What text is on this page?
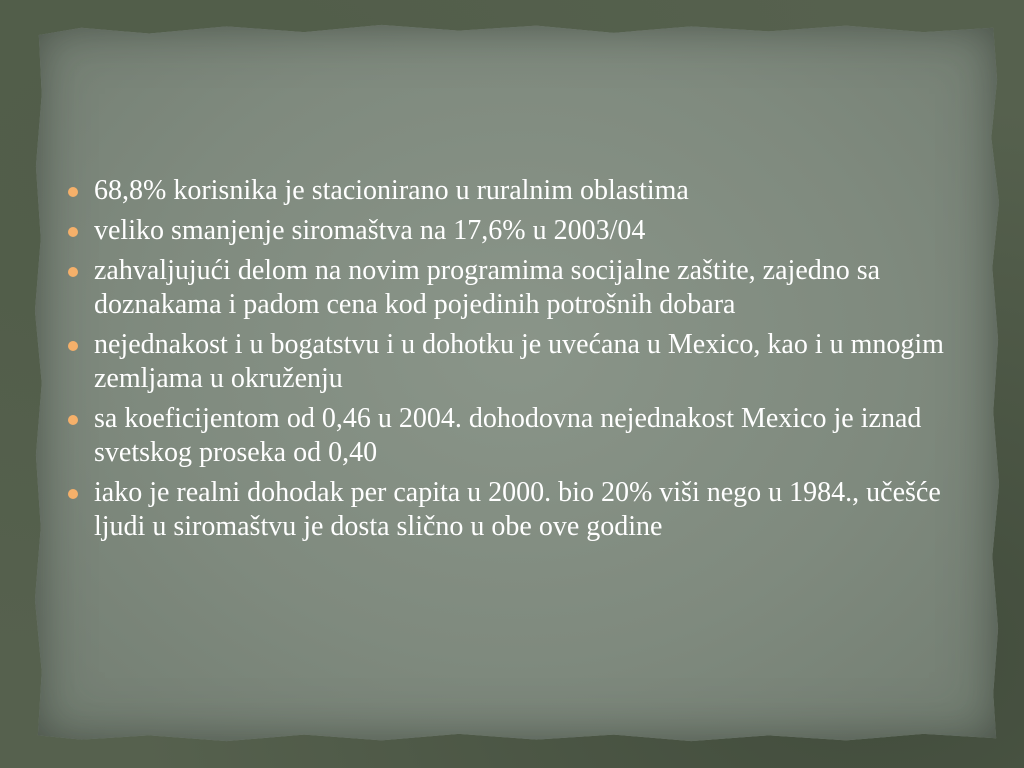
68,8% korisnika je stacionirano u ruralnim oblastima
veliko smanjenje siromaštva na 17,6% u 2003/04
zahvaljujući delom na novim programima socijalne zaštite, zajedno sa doznakama i padom cena kod pojedinih potrošnih dobara
nejednakost i u bogatstvu i u dohotku je uvećana u Mexico, kao i u mnogim zemljama u okruženju
sa koeficijentom od 0,46 u 2004. dohodovna nejednakost Mexico je iznad svetskog proseka od 0,40
iako je realni dohodak per capita u 2000. bio 20% viši nego u 1984., učešće ljudi u siromaštvu je dosta slično u obe ove godine
